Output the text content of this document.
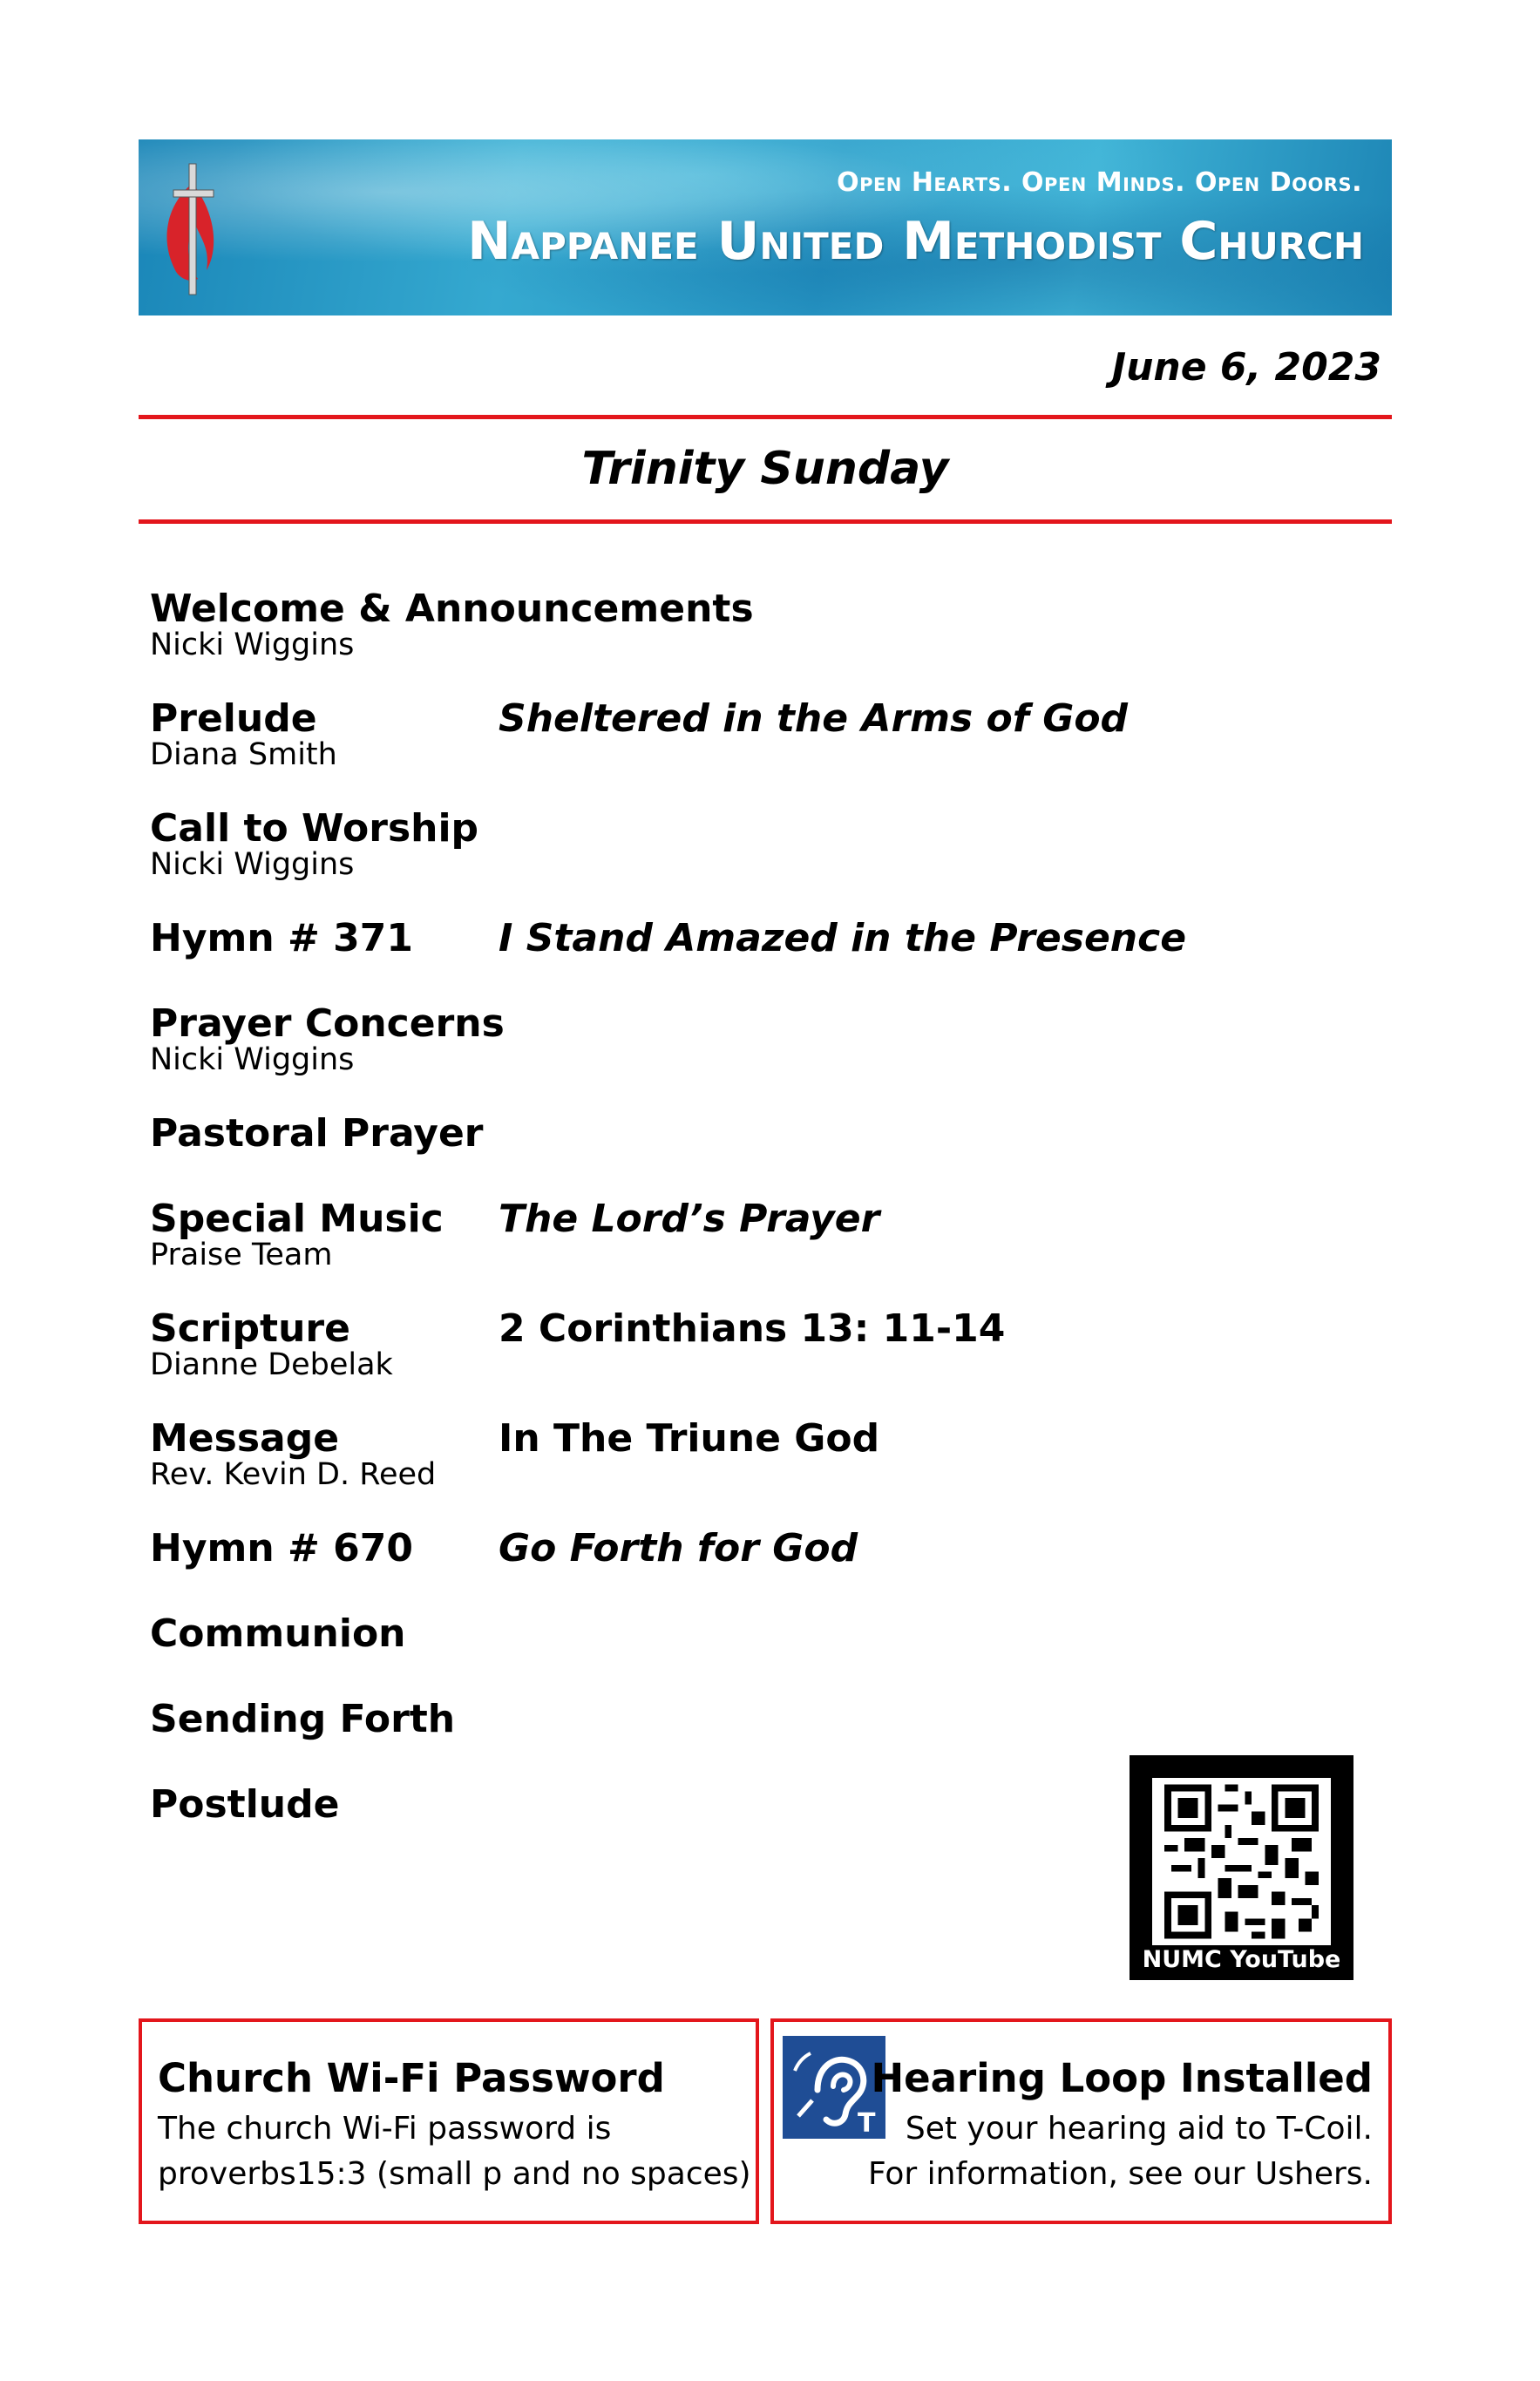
Open Hearts. Open Minds. Open Doors.
Nappanee United Methodist Church
June 6, 2023
Trinity Sunday
Welcome & Announcements
Nicki Wiggins
Prelude	Sheltered in the Arms of God
Diana Smith
Call to Worship
Nicki Wiggins
Hymn # 371	I Stand Amazed in the Presence
Prayer Concerns
Nicki Wiggins
Pastoral Prayer
Special Music	The Lord’s Prayer
Praise Team
Scripture	2 Corinthians 13: 11-14
Dianne Debelak
Message	In The Triune God
Rev. Kevin D. Reed
Hymn # 670	Go Forth for God
Communion
Sending Forth
Postlude
NUMC YouTube
Church Wi-Fi Password
The church Wi-Fi password is
proverbs15:3 (small p and no spaces)
T
Hearing Loop Installed
Set your hearing aid to T-Coil.
For information, see our Ushers.
